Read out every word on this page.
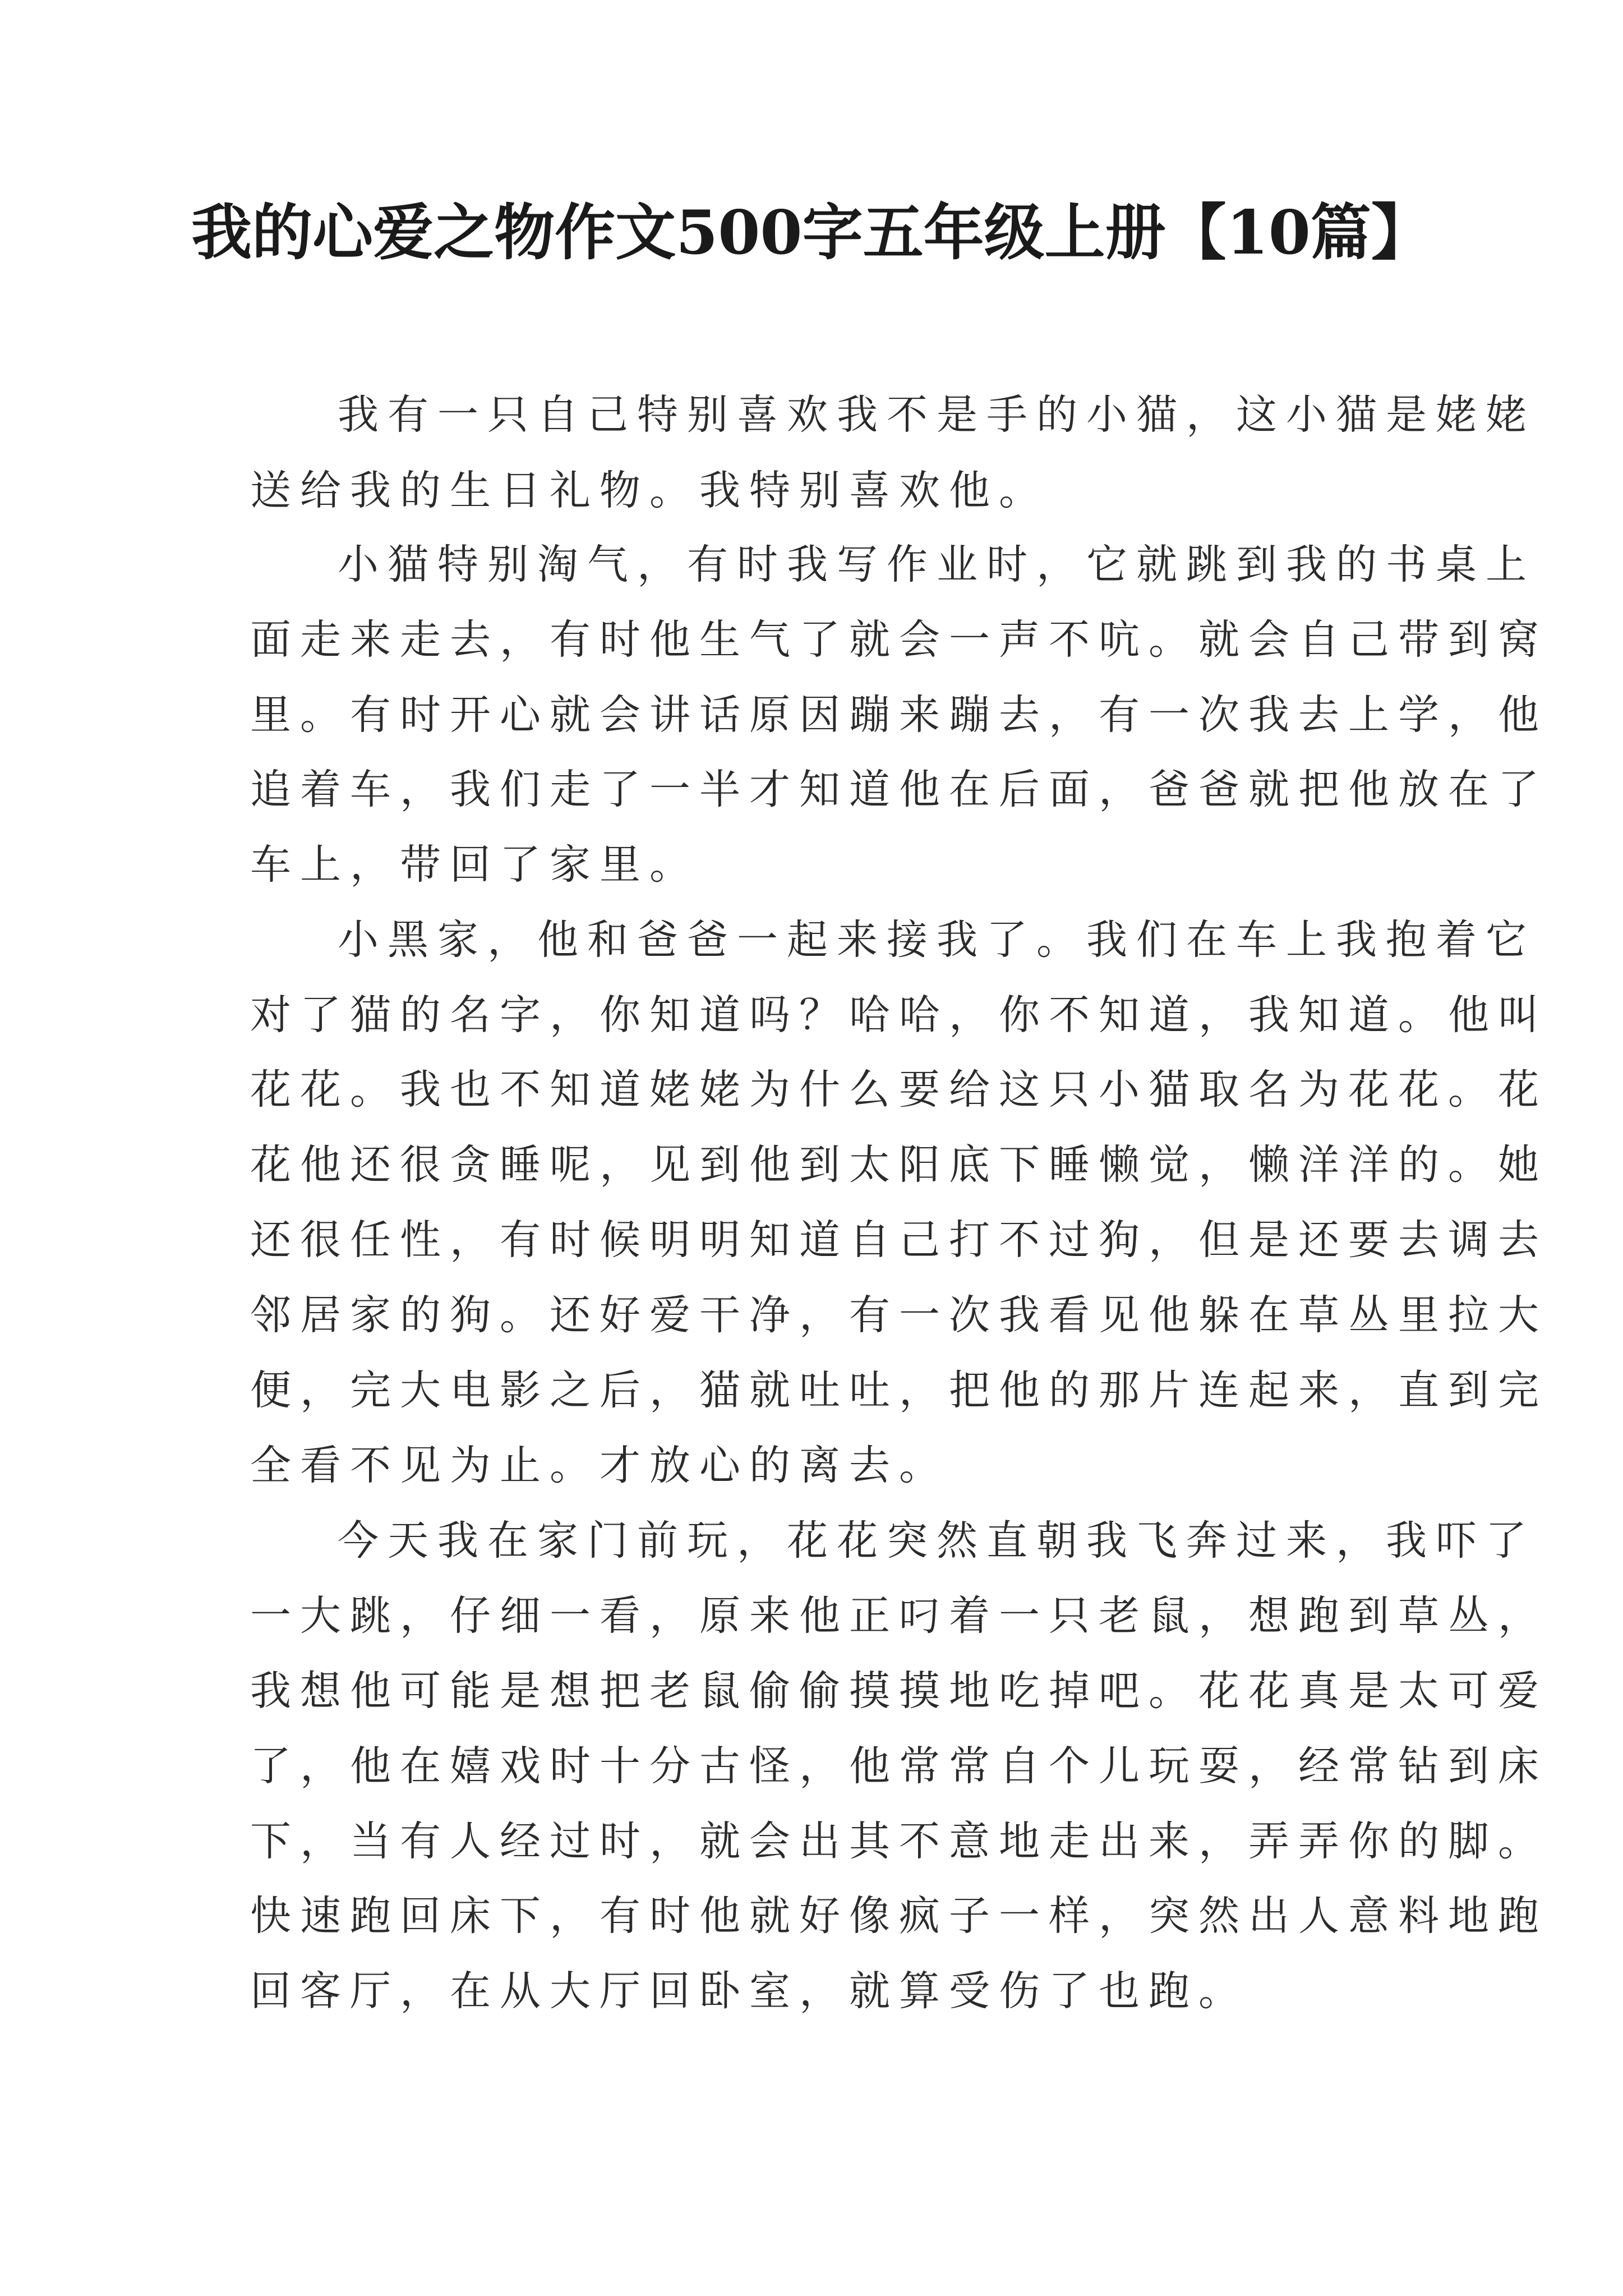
我的心爱之物作文500字五年级上册【10篇】
我有一只自己特别喜欢我不是手的小猫，这小猫是姥姥
送给我的生日礼物。我特别喜欢他。
小猫特别淘气，有时我写作业时，它就跳到我的书桌上
面走来走去，有时他生气了就会一声不吭。就会自己带到窝
里。有时开心就会讲话原因蹦来蹦去，有一次我去上学，他
追着车，我们走了一半才知道他在后面，爸爸就把他放在了
车上，带回了家里。
小黑家，他和爸爸一起来接我了。我们在车上我抱着它
对了猫的名字，你知道吗？哈哈，你不知道，我知道。他叫
花花。我也不知道姥姥为什么要给这只小猫取名为花花。花
花他还很贪睡呢，见到他到太阳底下睡懒觉，懒洋洋的。她
还很任性，有时候明明知道自己打不过狗，但是还要去调去
邻居家的狗。还好爱干净，有一次我看见他躲在草丛里拉大
便，完大电影之后，猫就吐吐，把他的那片连起来，直到完
全看不见为止。才放心的离去。
今天我在家门前玩，花花突然直朝我飞奔过来，我吓了
一大跳，仔细一看，原来他正叼着一只老鼠，想跑到草丛，
我想他可能是想把老鼠偷偷摸摸地吃掉吧。花花真是太可爱
了，他在嬉戏时十分古怪，他常常自个儿玩耍，经常钻到床
下，当有人经过时，就会出其不意地走出来，弄弄你的脚。
快速跑回床下，有时他就好像疯子一样，突然出人意料地跑
回客厅，在从大厅回卧室，就算受伤了也跑。
